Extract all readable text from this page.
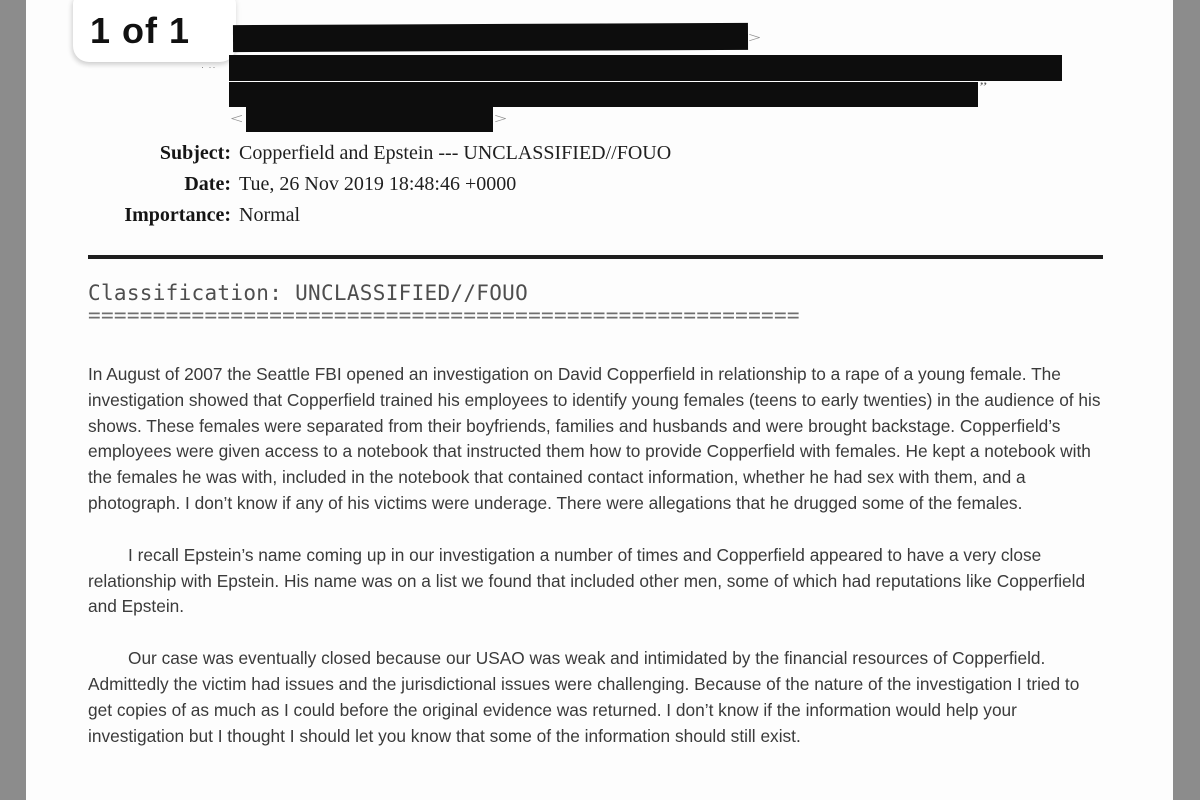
1 of 1
· ··
>
”
<	>
Subject: Copperfield and Epstein --- UNCLASSIFIED//FOUO
Date: Tue, 26 Nov 2019 18:48:46 +0000
Importance: Normal
Classification: UNCLASSIFIED//FOUO
=======================================================

In August of 2007 the Seattle FBI opened an investigation on David Copperfield in relationship to a rape of a young female. The investigation showed that Copperfield trained his employees to identify young females (teens to early twenties) in the audience of his shows. These females were separated from their boyfriends, families and husbands and were brought backstage. Copperfield’s employees were given access to a notebook that instructed them how to provide Copperfield with females. He kept a notebook with the females he was with, included in the notebook that contained contact information, whether he had sex with them, and a photograph. I don’t know if any of his victims were underage. There were allegations that he drugged some of the females.

I recall Epstein’s name coming up in our investigation a number of times and Copperfield appeared to have a very close relationship with Epstein. His name was on a list we found that included other men, some of which had reputations like Copperfield and Epstein.

Our case was eventually closed because our USAO was weak and intimidated by the financial resources of Copperfield. Admittedly the victim had issues and the jurisdictional issues were challenging. Because of the nature of the investigation I tried to get copies of as much as I could before the original evidence was returned. I don’t know if the information would help your investigation but I thought I should let you know that some of the information should still exist.
